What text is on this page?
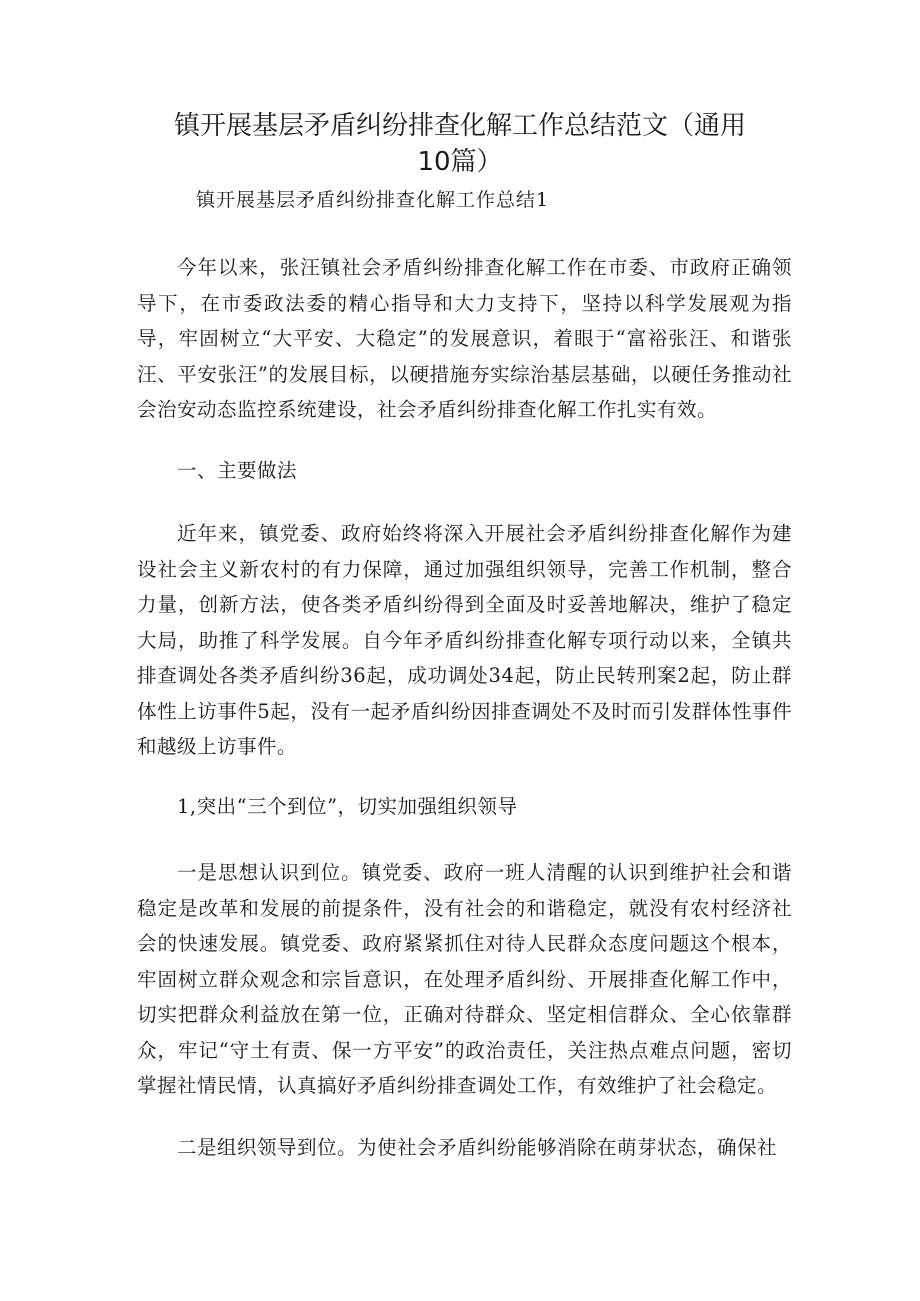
镇开展基层矛盾纠纷排查化解工作总结范文（通用10篇）

镇开展基层矛盾纠纷排查化解工作总结1

今年以来，张汪镇社会矛盾纠纷排查化解工作在市委、市政府正确领导下，在市委政法委的精心指导和大力支持下，坚持以科学发展观为指导，牢固树立“大平安、大稳定”的发展意识，着眼于“富裕张汪、和谐张汪、平安张汪”的发展目标，以硬措施夯实综治基层基础，以硬任务推动社会治安动态监控系统建设，社会矛盾纠纷排查化解工作扎实有效。

一、主要做法

近年来，镇党委、政府始终将深入开展社会矛盾纠纷排查化解作为建设社会主义新农村的有力保障，通过加强组织领导，完善工作机制，整合力量，创新方法，使各类矛盾纠纷得到全面及时妥善地解决，维护了稳定大局，助推了科学发展。自今年矛盾纠纷排查化解专项行动以来，全镇共排查调处各类矛盾纠纷36起，成功调处34起，防止民转刑案2起，防止群体性上访事件5起，没有一起矛盾纠纷因排查调处不及时而引发群体性事件和越级上访事件。

1,突出“三个到位”，切实加强组织领导

一是思想认识到位。镇党委、政府一班人清醒的认识到维护社会和谐稳定是改革和发展的前提条件，没有社会的和谐稳定，就没有农村经济社会的快速发展。镇党委、政府紧紧抓住对待人民群众态度问题这个根本，牢固树立群众观念和宗旨意识，在处理矛盾纠纷、开展排查化解工作中，切实把群众利益放在第一位，正确对待群众、坚定相信群众、全心依靠群众，牢记“守土有责、保一方平安”的政治责任，关注热点难点问题，密切掌握社情民情，认真搞好矛盾纠纷排查调处工作，有效维护了社会稳定。

二是组织领导到位。为使社会矛盾纠纷能够消除在萌芽状态，确保社
